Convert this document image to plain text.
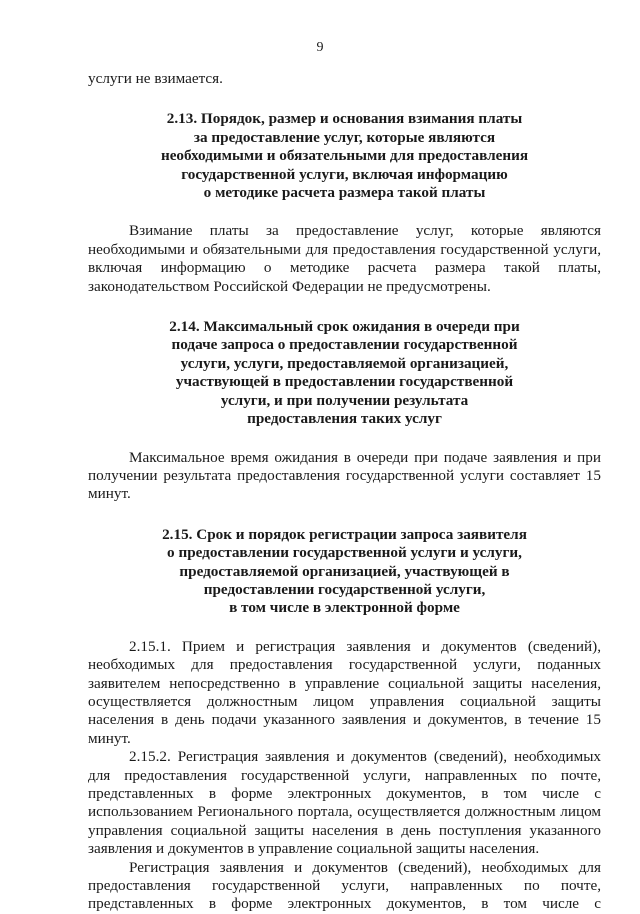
9

услуги не взимается.

2.13. Порядок, размер и основания взимания платы
за предоставление услуг, которые являются
необходимыми и обязательными для предоставления
государственной услуги, включая информацию
о методике расчета размера такой платы

Взимание платы за предоставление услуг, которые являются необходимыми и обязательными для предоставления государственной услуги, включая информацию о методике расчета размера такой платы, законодательством Российской Федерации не предусмотрены.

2.14. Максимальный срок ожидания в очереди при
подаче запроса о предоставлении государственной
услуги, услуги, предоставляемой организацией,
участвующей в предоставлении государственной
услуги, и при получении результата
предоставления таких услуг

Максимальное время ожидания в очереди при подаче заявления и при получении результата предоставления государственной услуги составляет 15 минут.

2.15. Срок и порядок регистрации запроса заявителя
о предоставлении государственной услуги и услуги,
предоставляемой организацией, участвующей в
предоставлении государственной услуги,
в том числе в электронной форме

2.15.1. Прием и регистрация заявления и документов (сведений), необходимых для предоставления государственной услуги, поданных заявителем непосредственно в управление социальной защиты населения, осуществляется должностным лицом управления социальной защиты населения в день подачи указанного заявления и документов, в течение 15 минут.

2.15.2. Регистрация заявления и документов (сведений), необходимых для предоставления государственной услуги, направленных по почте, представленных в форме электронных документов, в том числе с использованием Регионального портала, осуществляется должностным лицом управления социальной защиты населения в день поступления указанного заявления и документов в управление социальной защиты населения.

Регистрация заявления и документов (сведений), необходимых для предоставления государственной услуги, направленных по почте, представленных в форме электронных документов, в том числе с
